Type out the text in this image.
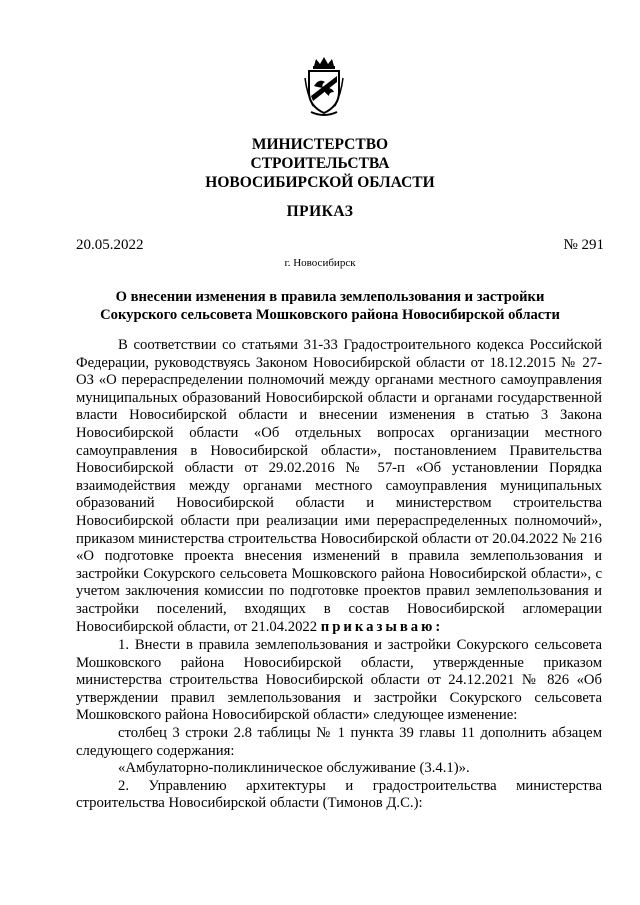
МИНИСТЕРСТВО
СТРОИТЕЛЬСТВА
НОВОСИБИРСКОЙ ОБЛАСТИ
ПРИКАЗ
20.05.2022	№ 291
г. Новосибирск
О внесении изменения в правила землепользования и застройки
Сокурского сельсовета Мошковского района Новосибирской области

В соответствии со статьями 31-33 Градостроительного кодекса Российской Федерации, руководствуясь Законом Новосибирской области от 18.12.2015 № 27-ОЗ «О перераспределении полномочий между органами местного самоуправления муниципальных образований Новосибирской области и органами государственной власти Новосибирской области и внесении изменения в статью 3 Закона Новосибирской области «Об отдельных вопросах организации местного самоуправления в Новосибирской области», постановлением Правительства Новосибирской области от 29.02.2016 № 57-п «Об установлении Порядка взаимодействия между органами местного самоуправления муниципальных образований Новосибирской области и министерством строительства Новосибирской области при реализации ими перераспределенных полномочий», приказом министерства строительства Новосибирской области от 20.04.2022 № 216 «О подготовке проекта внесения изменений в правила землепользования и застройки Сокурского сельсовета Мошковского района Новосибирской области», с учетом заключения комиссии по подготовке проектов правил землепользования и застройки поселений, входящих в состав Новосибирской агломерации Новосибирской области, от 21.04.2022 приказываю:

1. Внести в правила землепользования и застройки Сокурского сельсовета Мошковского района Новосибирской области, утвержденные приказом министерства строительства Новосибирской области от 24.12.2021 № 826 «Об утверждении правил землепользования и застройки Сокурского сельсовета Мошковского района Новосибирской области» следующее изменение:

столбец 3 строки 2.8 таблицы № 1 пункта 39 главы 11 дополнить абзацем следующего содержания:

«Амбулаторно-поликлиническое обслуживание (3.4.1)».

2. Управлению архитектуры и градостроительства министерства строительства Новосибирской области (Тимонов Д.С.):
